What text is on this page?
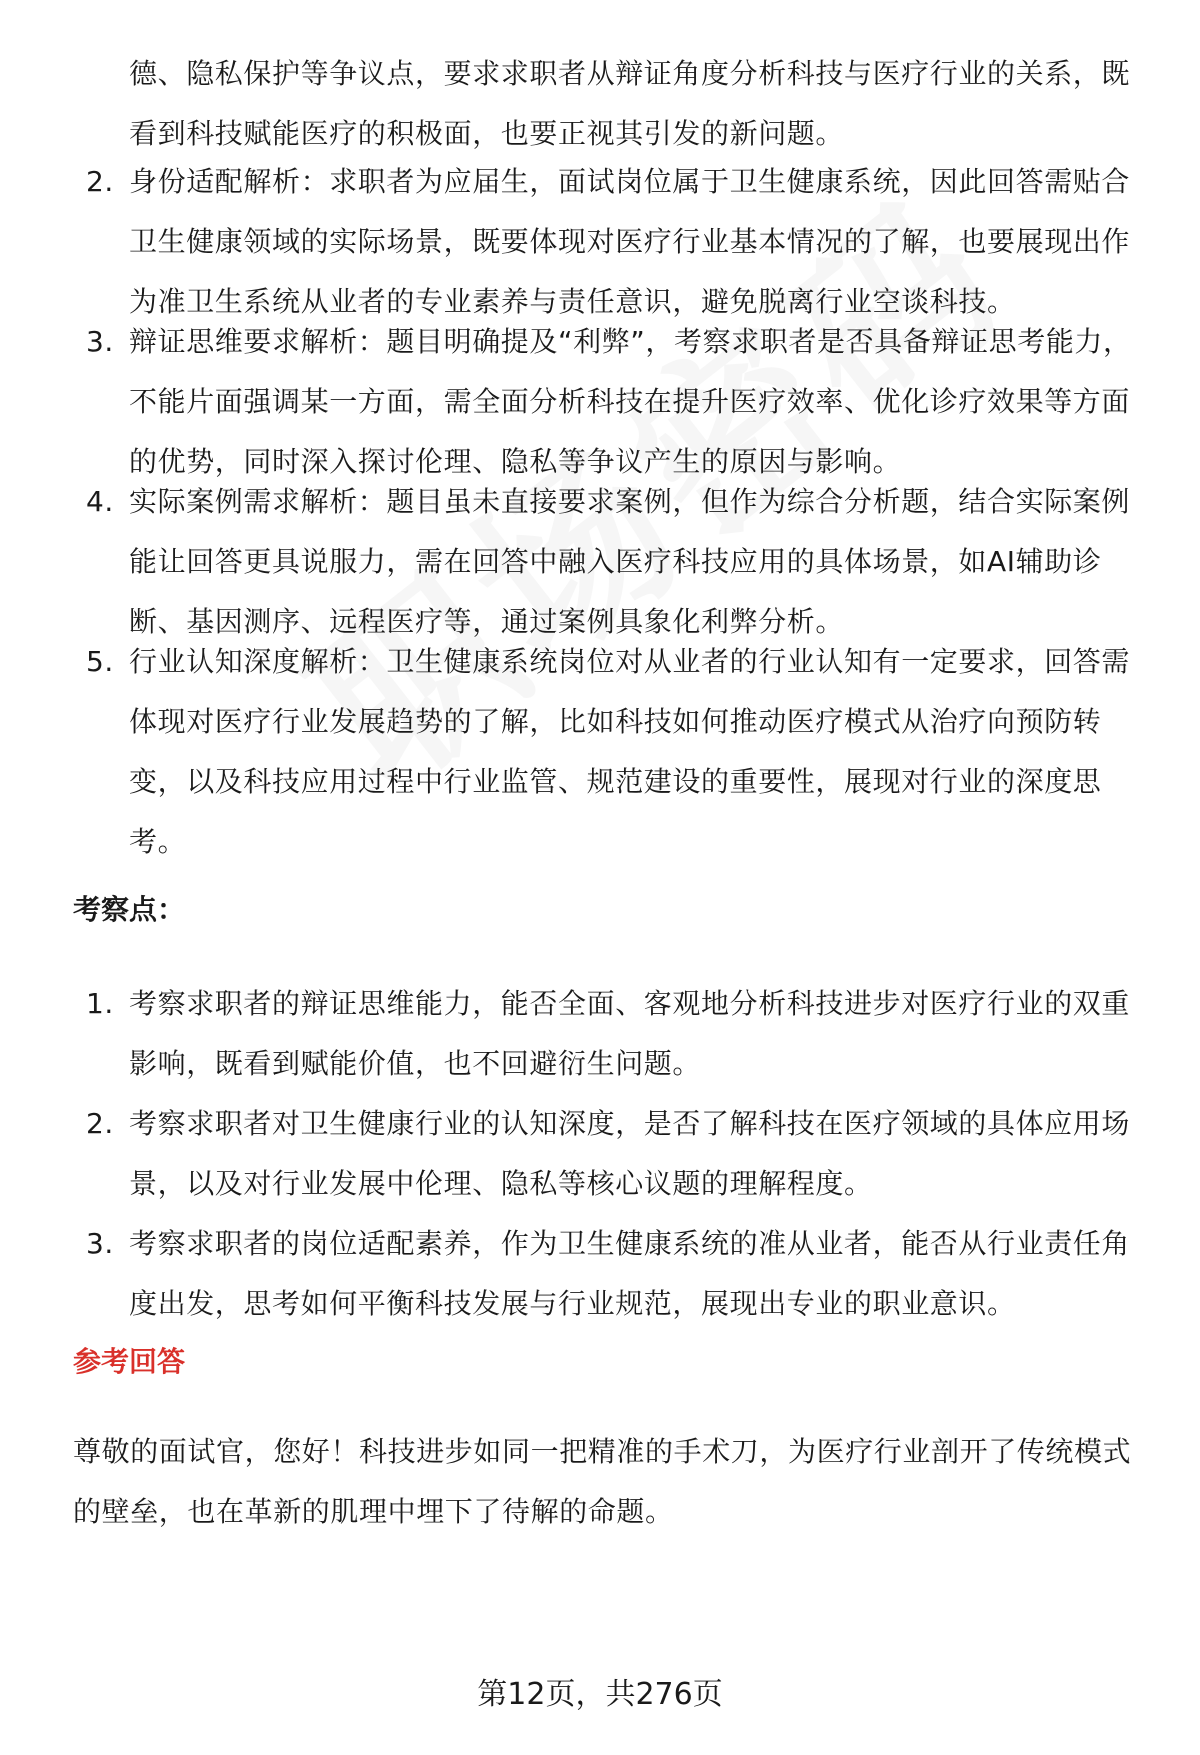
德、隐私保护等争议点，要求求职者从辩证角度分析科技与医疗行业的关系，既看到科技赋能医疗的积极面，也要正视其引发的新问题。
2. 身份适配解析：求职者为应届生，面试岗位属于卫生健康系统，因此回答需贴合卫生健康领域的实际场景，既要体现对医疗行业基本情况的了解，也要展现出作为准卫生系统从业者的专业素养与责任意识，避免脱离行业空谈科技。
3. 辩证思维要求解析：题目明确提及“利弊”，考察求职者是否具备辩证思考能力，不能片面强调某一方面，需全面分析科技在提升医疗效率、优化诊疗效果等方面的优势，同时深入探讨伦理、隐私等争议产生的原因与影响。
4. 实际案例需求解析：题目虽未直接要求案例，但作为综合分析题，结合实际案例能让回答更具说服力，需在回答中融入医疗科技应用的具体场景，如AI辅助诊断、基因测序、远程医疗等，通过案例具象化利弊分析。
5. 行业认知深度解析：卫生健康系统岗位对从业者的行业认知有一定要求，回答需体现对医疗行业发展趋势的了解，比如科技如何推动医疗模式从治疗向预防转变，以及科技应用过程中行业监管、规范建设的重要性，展现对行业的深度思考。
考察点：
1. 考察求职者的辩证思维能力，能否全面、客观地分析科技进步对医疗行业的双重影响，既看到赋能价值，也不回避衍生问题。
2. 考察求职者对卫生健康行业的认知深度，是否了解科技在医疗领域的具体应用场景，以及对行业发展中伦理、隐私等核心议题的理解程度。
3. 考察求职者的岗位适配素养，作为卫生健康系统的准从业者，能否从行业责任角度出发，思考如何平衡科技发展与行业规范，展现出专业的职业意识。
参考回答
尊敬的面试官，您好！科技进步如同一把精准的手术刀，为医疗行业剖开了传统模式的壁垒，也在革新的肌理中埋下了待解的命题。
第12页，共276页
